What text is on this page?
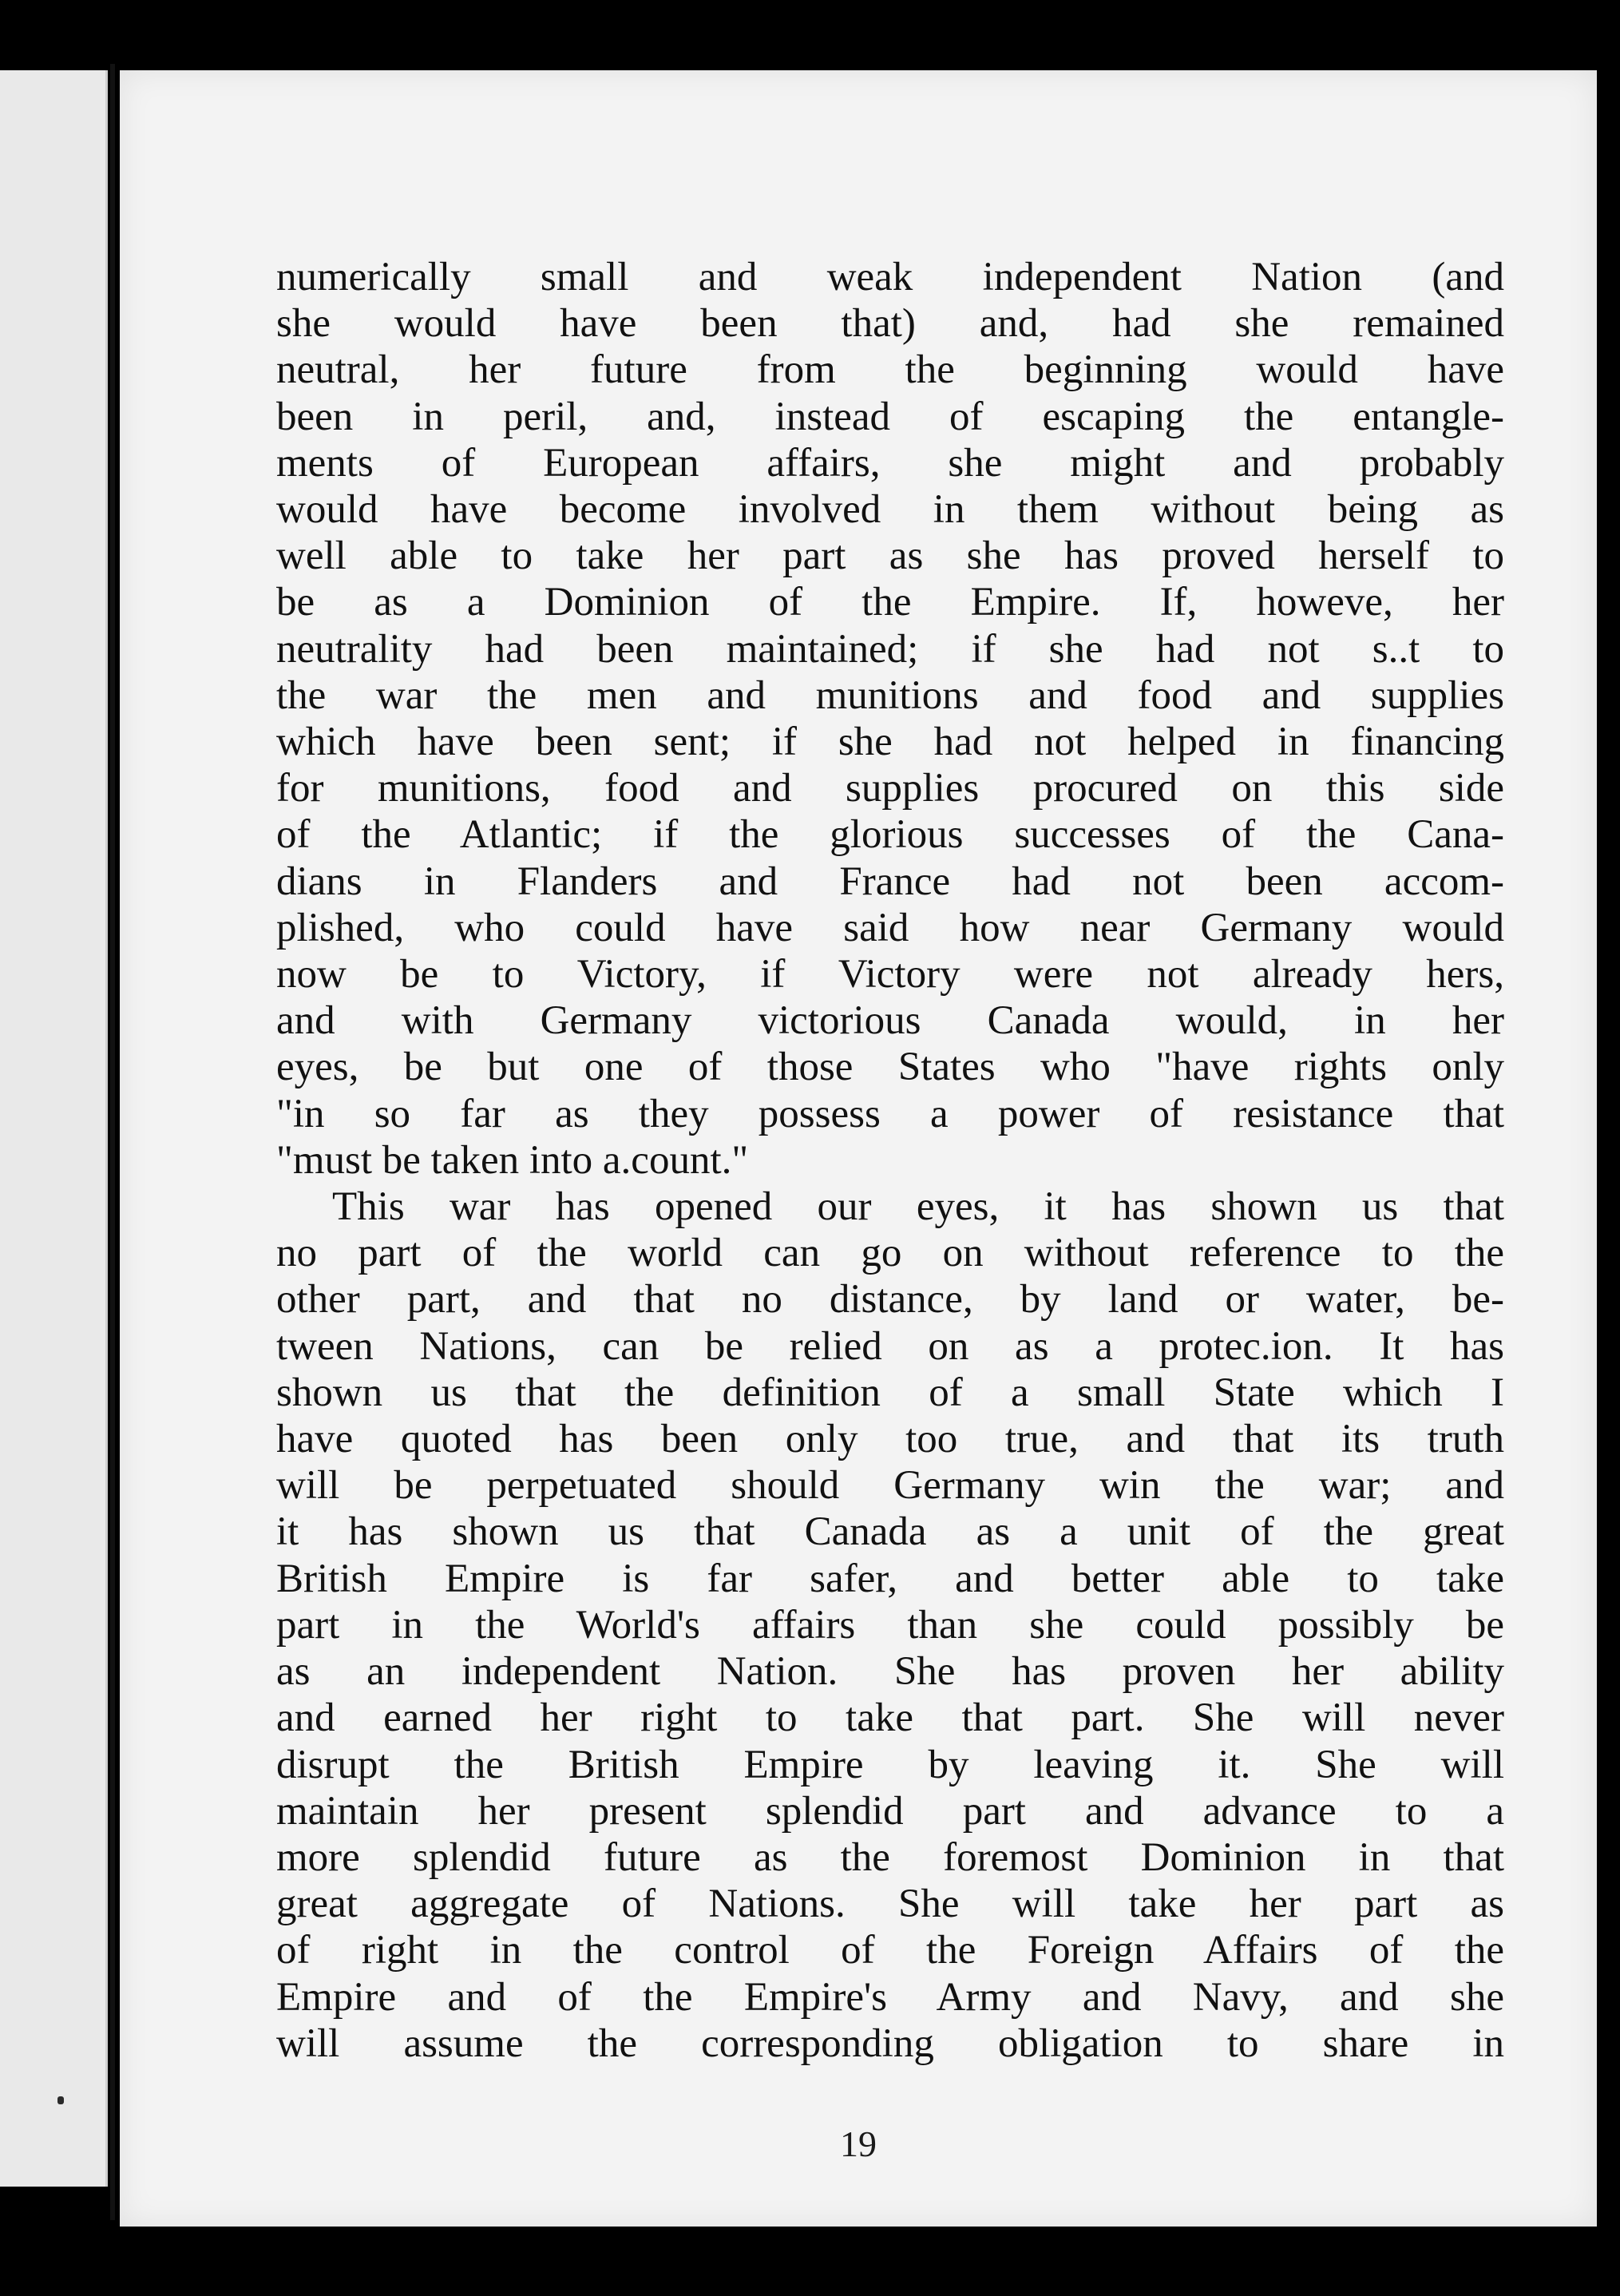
numerically small and weak independent Nation (and
she would have been that) and, had she remained
neutral, her future from the beginning would have
been in peril, and, instead of escaping the entangle-
ments of European affairs, she might and probably
would have become involved in them without being as
well able to take her part as she has proved herself to
be as a Dominion of the Empire. If, howeve, her
neutrality had been maintained; if she had not s..t to
the war the men and munitions and food and supplies
which have been sent; if she had not helped in financing
for munitions, food and supplies procured on this side
of the Atlantic; if the glorious successes of the Cana-
dians in Flanders and France had not been accom-
plished, who could have said how near Germany would
now be to Victory, if Victory were not already hers,
and with Germany victorious Canada would, in her
eyes, be but one of those States who "have rights only
"in so far as they possess a power of resistance that
"must be taken into a.count."
This war has opened our eyes, it has shown us that
no part of the world can go on without reference to the
other part, and that no distance, by land or water, be-
tween Nations, can be relied on as a protec.ion. It has
shown us that the definition of a small State which I
have quoted has been only too true, and that its truth
will be perpetuated should Germany win the war; and
it has shown us that Canada as a unit of the great
British Empire is far safer, and better able to take
part in the World's affairs than she could possibly be
as an independent Nation. She has proven her ability
and earned her right to take that part. She will never
disrupt the British Empire by leaving it. She will
maintain her present splendid part and advance to a
more splendid future as the foremost Dominion in that
great aggregate of Nations. She will take her part as
of right in the control of the Foreign Affairs of the
Empire and of the Empire's Army and Navy, and she
will assume the corresponding obligation to share in
19
